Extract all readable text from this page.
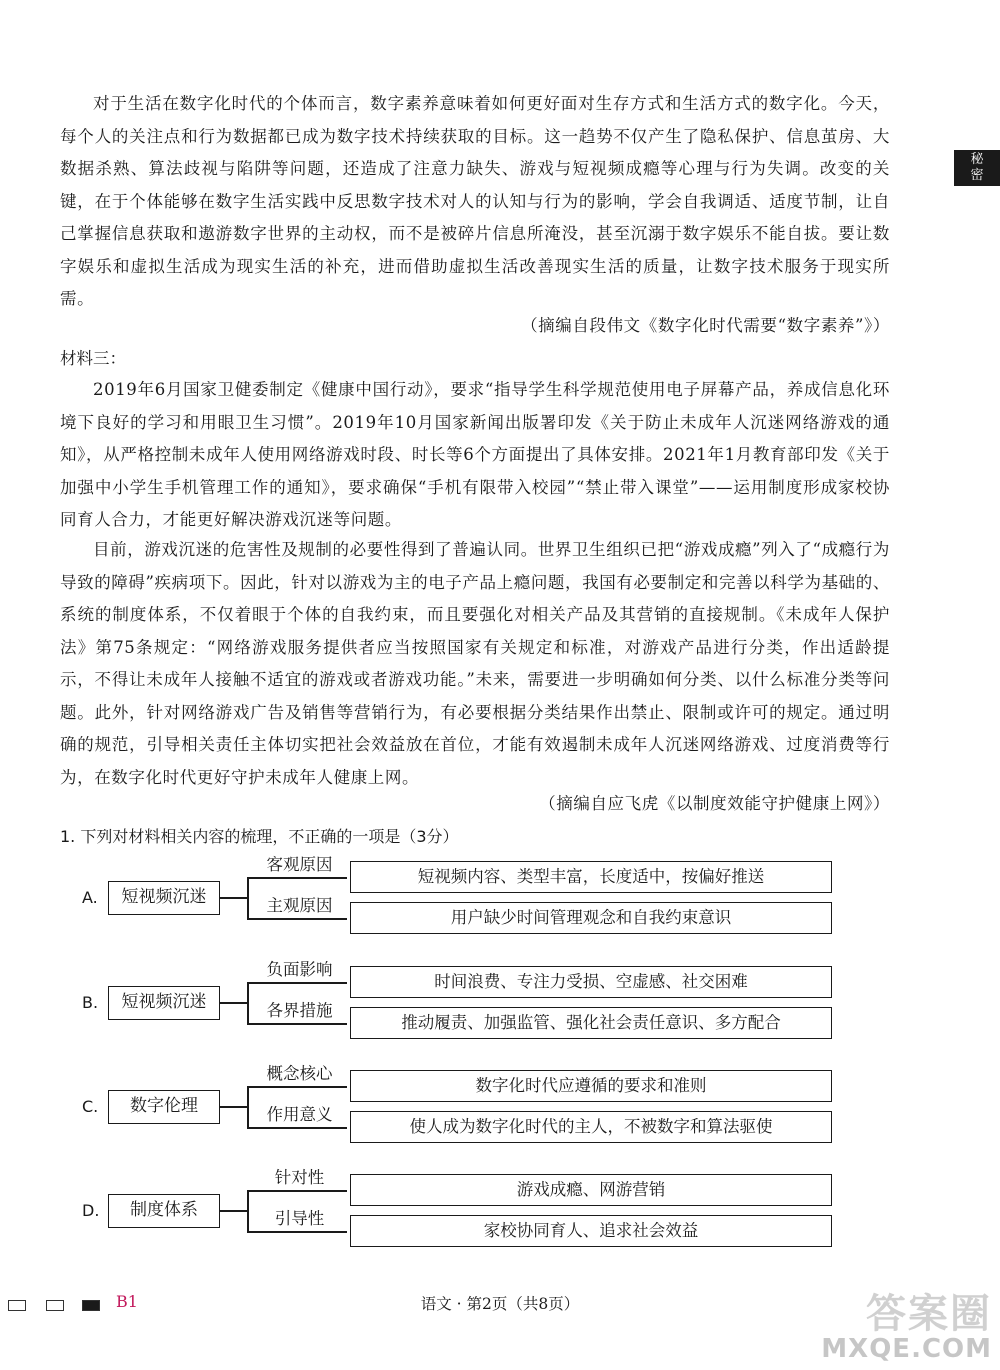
秘密

对于生活在数字化时代的个体而言，数字素养意味着如何更好面对生存方式和生活方式的数字化。今天，每个人的关注点和行为数据都已成为数字技术持续获取的目标。这一趋势不仅产生了隐私保护、信息茧房、大数据杀熟、算法歧视与陷阱等问题，还造成了注意力缺失、游戏与短视频成瘾等心理与行为失调。改变的关键，在于个体能够在数字生活实践中反思数字技术对人的认知与行为的影响，学会自我调适、适度节制，让自己掌握信息获取和遨游数字世界的主动权，而不是被碎片信息所淹没，甚至沉溺于数字娱乐不能自拔。要让数字娱乐和虚拟生活成为现实生活的补充，进而借助虚拟生活改善现实生活的质量，让数字技术服务于现实所需。

（摘编自段伟文《数字化时代需要“数字素养”》）

材料三：

2019年6月国家卫健委制定《健康中国行动》，要求“指导学生科学规范使用电子屏幕产品，养成信息化环境下良好的学习和用眼卫生习惯”。2019年10月国家新闻出版署印发《关于防止未成年人沉迷网络游戏的通知》，从严格控制未成年人使用网络游戏时段、时长等6个方面提出了具体安排。2021年1月教育部印发《关于加强中小学生手机管理工作的通知》，要求确保“手机有限带入校园”“禁止带入课堂”——运用制度形成家校协同育人合力，才能更好解决游戏沉迷等问题。

目前，游戏沉迷的危害性及规制的必要性得到了普遍认同。世界卫生组织已把“游戏成瘾”列入了“成瘾行为导致的障碍”疾病项下。因此，针对以游戏为主的电子产品上瘾问题，我国有必要制定和完善以科学为基础的、系统的制度体系，不仅着眼于个体的自我约束，而且要强化对相关产品及其营销的直接规制。《未成年人保护法》第75条规定：“网络游戏服务提供者应当按照国家有关规定和标准，对游戏产品进行分类，作出适龄提示，不得让未成年人接触不适宜的游戏或者游戏功能。”未来，需要进一步明确如何分类、以什么标准分类等问题。此外，针对网络游戏广告及销售等营销行为，有必要根据分类结果作出禁止、限制或许可的规定。通过明确的规范，引导相关责任主体切实把社会效益放在首位，才能有效遏制未成年人沉迷网络游戏、过度消费等行为，在数字化时代更好守护未成年人健康上网。

（摘编自应飞虎《以制度效能守护健康上网》）

1. 下列对材料相关内容的梳理，不正确的一项是（3分）
A.	短视频沉迷
客观原因
主观原因
短视频内容、类型丰富，长度适中，按偏好推送
用户缺少时间管理观念和自我约束意识
B.	短视频沉迷
负面影响
各界措施
时间浪费、专注力受损、空虚感、社交困难
推动履责、加强监管、强化社会责任意识、多方配合
C.	数字伦理
概念核心
作用意义
数字化时代应遵循的要求和准则
使人成为数字化时代的主人，不被数字和算法驱使
D.	制度体系
针对性
引导性
游戏成瘾、网游营销
家校协同育人、追求社会效益
B1	语文 · 第2页（共8页）	答案圈
MXQE.COM
